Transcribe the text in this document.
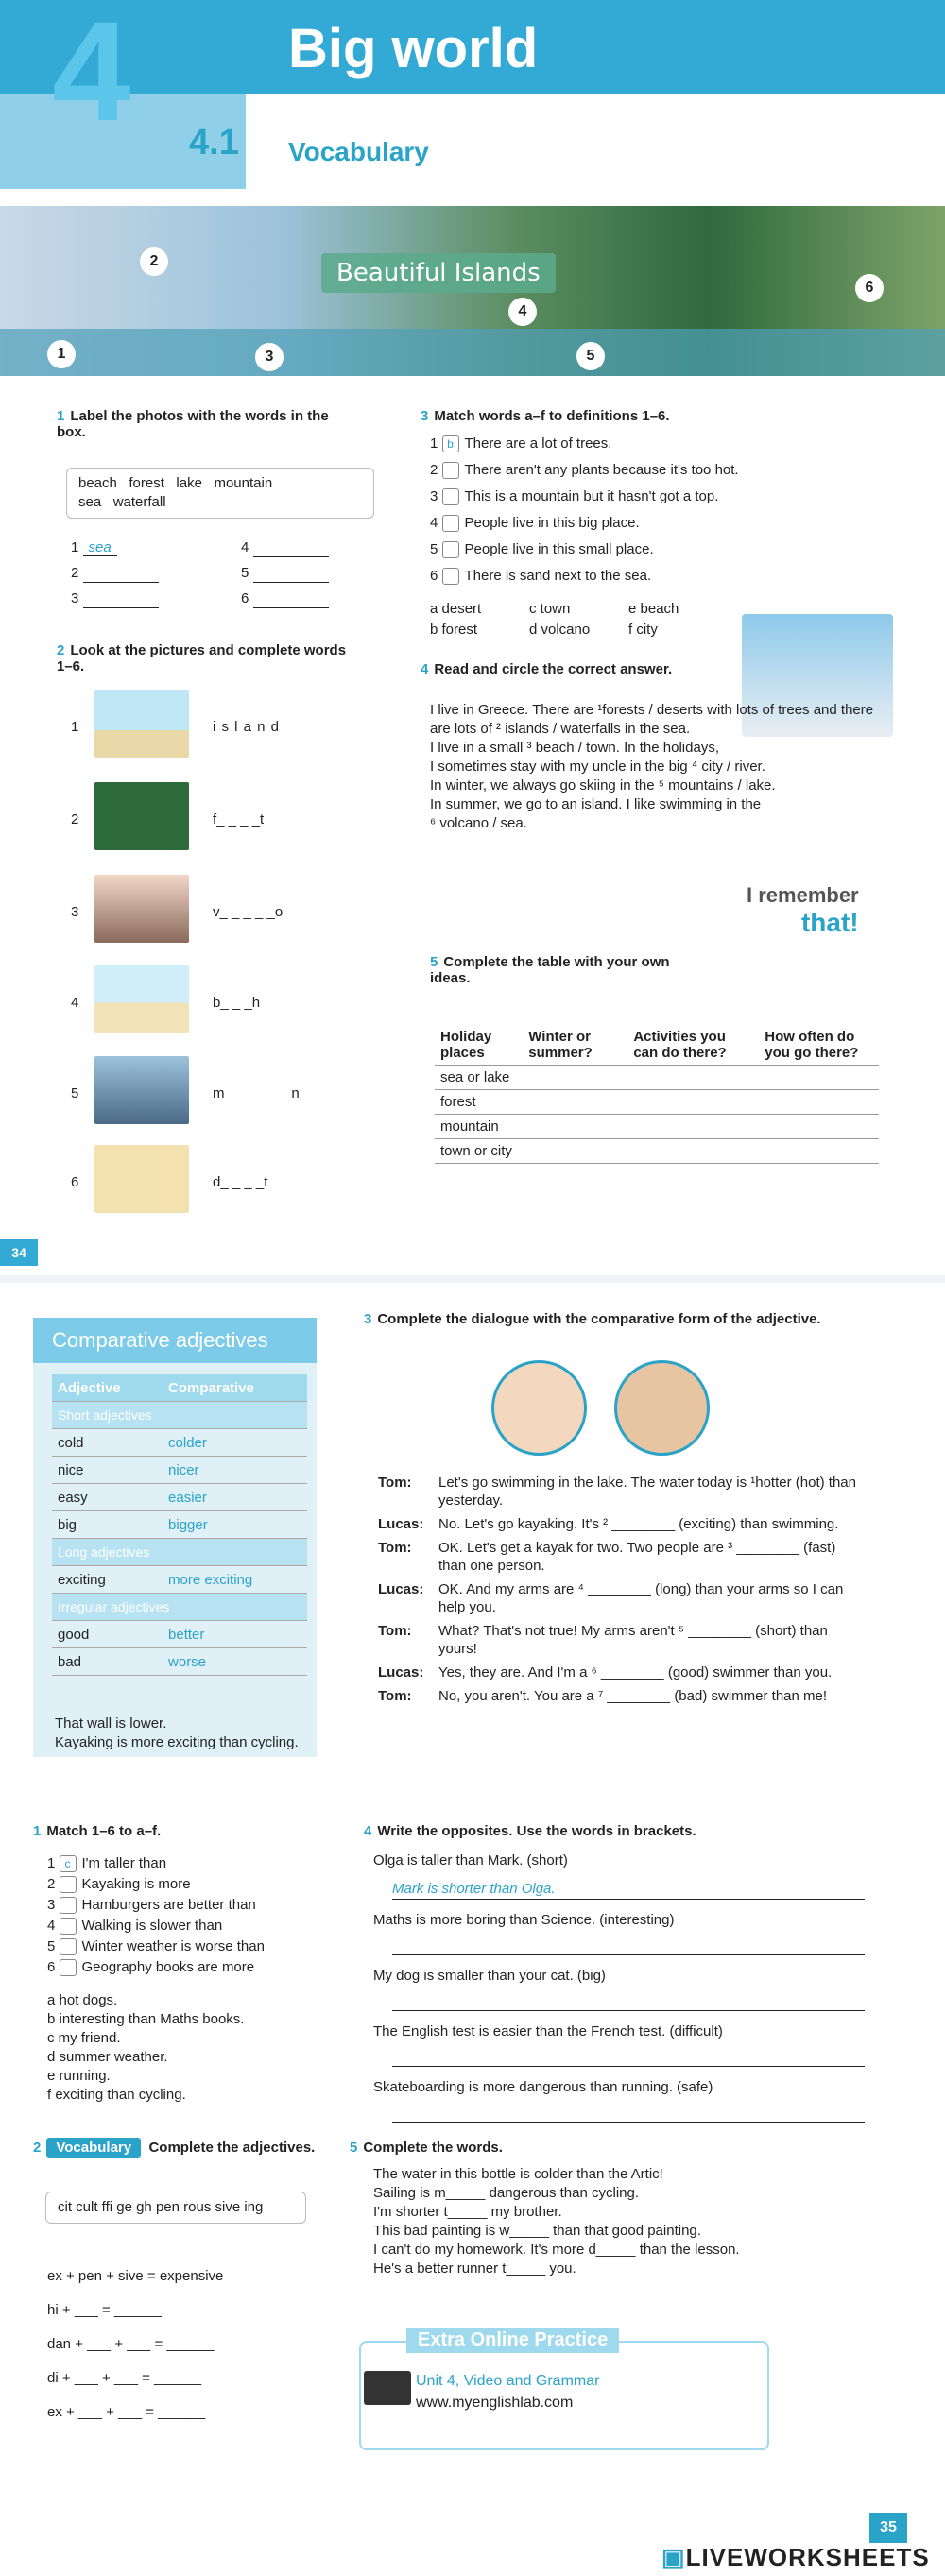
4	Big world
4.1 Vocabulary
Beautiful Islands
1
2
3
4
5
6
1 Label the photos with the words in the box.
beach forest lake mountain
sea waterfall
1 sea
2
3
4
5
6
2 Look at the pictures and complete words 1–6.
1	i s l a n d
2	f_ _ _ _t
3	v_ _ _ _ _o
4	b_ _ _h
5	m_ _ _ _ _ _n
6	d_ _ _ _t
3 Match words a–f to definitions 1–6.
1 b There are a lot of trees.
2 There aren't any plants because it's too hot.
3 This is a mountain but it hasn't got a top.
4 People live in this big place.
5 People live in this small place.
6 There is sand next to the sea.
a desert	c town	e beach
b forest	d volcano	f city
4 Read and circle the correct answer.
I live in Greece. There are ¹forests / deserts with lots of trees and there
are lots of ² islands / waterfalls in the sea.
I live in a small ³ beach / town. In the holidays,
I sometimes stay with my uncle in the big ⁴ city / river.
In winter, we always go skiing in the ⁵ mountains / lake.
In summer, we go to an island. I like swimming in the
⁶ volcano / sea.
I remember
that!
5 Complete the table with your own ideas.
Holiday places	Winter or summer?	Activities you can do there?	How often do you go there?
sea or lake			
forest			
mountain			
town or city			
34
Comparative adjectives
Adjective	Comparative
Short adjectives	
cold	colder
nice	nicer
easy	easier
big	bigger
Long adjectives	
exciting	more exciting
Irregular adjectives	
good	better
bad	worse
That wall is lower.
Kayaking is more exciting than cycling.
3 Complete the dialogue with the comparative form of the adjective.
Tom: Let's go swimming in the lake. The water today is ¹hotter (hot) than yesterday.
Lucas: No. Let's go kayaking. It's ² ________ (exciting) than swimming.
Tom: OK. Let's get a kayak for two. Two people are ³ ________ (fast) than one person.
Lucas: OK. And my arms are ⁴ ________ (long) than your arms so I can help you.
Tom: What? That's not true! My arms aren't ⁵ ________ (short) than yours!
Lucas: Yes, they are. And I'm a ⁶ ________ (good) swimmer than you.
Tom: No, you aren't. You are a ⁷ ________ (bad) swimmer than me!
1 Match 1–6 to a–f.
1 c I'm taller than
2 Kayaking is more
3 Hamburgers are better than
4 Walking is slower than
5 Winter weather is worse than
6 Geography books are more
a hot dogs.
b interesting than Maths books.
c my friend.
d summer weather.
e running.
f exciting than cycling.
2 Vocabulary Complete the adjectives.
cit cult ffi ge gh pen rous sive ing
ex + pen + sive = expensive
hi + ___ = ______
dan + ___ + ___ = ______
di + ___ + ___ = ______
ex + ___ + ___ = ______
4 Write the opposites. Use the words in brackets.
Olga is taller than Mark. (short)
Mark is shorter than Olga.
Maths is more boring than Science. (interesting)
My dog is smaller than your cat. (big)
The English test is easier than the French test. (difficult)
Skateboarding is more dangerous than running. (safe)
5 Complete the words.
The water in this bottle is colder than the Artic!
Sailing is m_____ dangerous than cycling.
I'm shorter t_____ my brother.
This bad painting is w_____ than that good painting.
I can't do my homework. It's more d_____ than the lesson.
He's a better runner t_____ you.
Extra Online Practice
Unit 4, Video and Grammar
www.myenglishlab.com
35
▣LIVEWORKSHEETS
